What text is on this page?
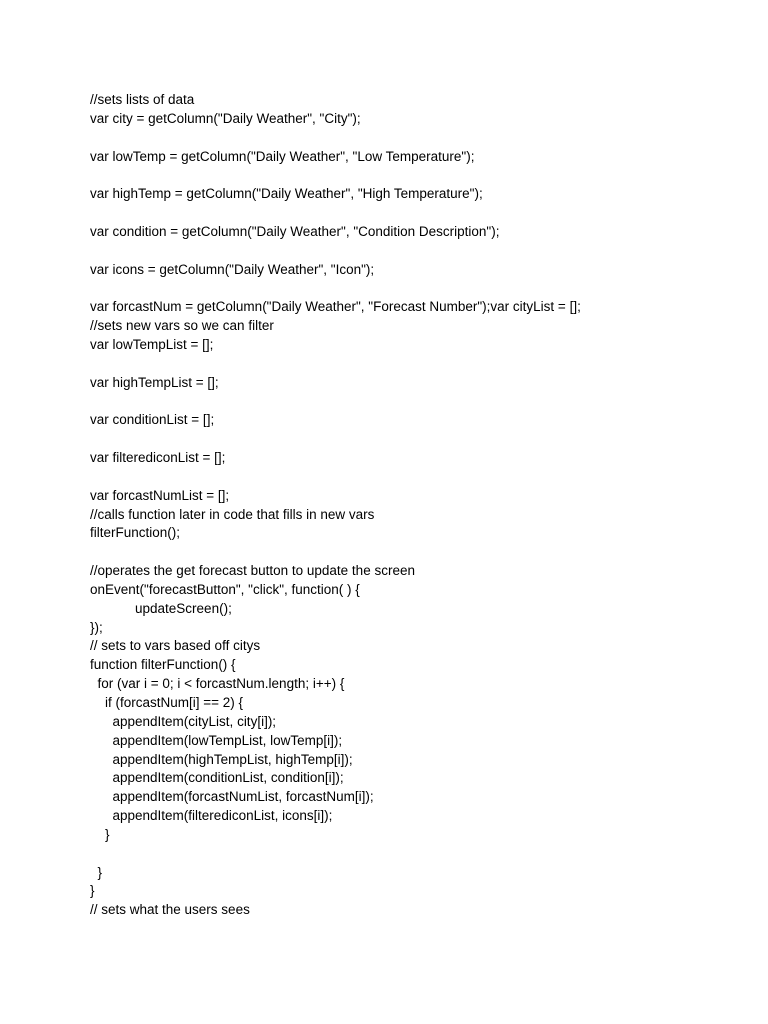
//sets lists of data
var city = getColumn("Daily Weather", "City");
var lowTemp = getColumn("Daily Weather", "Low Temperature");
var highTemp = getColumn("Daily Weather", "High Temperature");
var condition = getColumn("Daily Weather", "Condition Description");
var icons = getColumn("Daily Weather", "Icon");
var forcastNum = getColumn("Daily Weather", "Forecast Number");var cityList = [];
//sets new vars so we can filter
var lowTempList = [];
var highTempList = [];
var conditionList = [];
var filterediconList = [];
var forcastNumList = [];
//calls function later in code that fills in new vars
filterFunction();
//operates the get forecast button to update the screen
onEvent("forecastButton", "click", function( ) {
updateScreen();
});
// sets to vars based off citys
function filterFunction() {
for (var i = 0; i < forcastNum.length; i++) {
if (forcastNum[i] == 2) {
appendItem(cityList, city[i]);
appendItem(lowTempList, lowTemp[i]);
appendItem(highTempList, highTemp[i]);
appendItem(conditionList, condition[i]);
appendItem(forcastNumList, forcastNum[i]);
appendItem(filterediconList, icons[i]);
}
}
}
// sets what the users sees
